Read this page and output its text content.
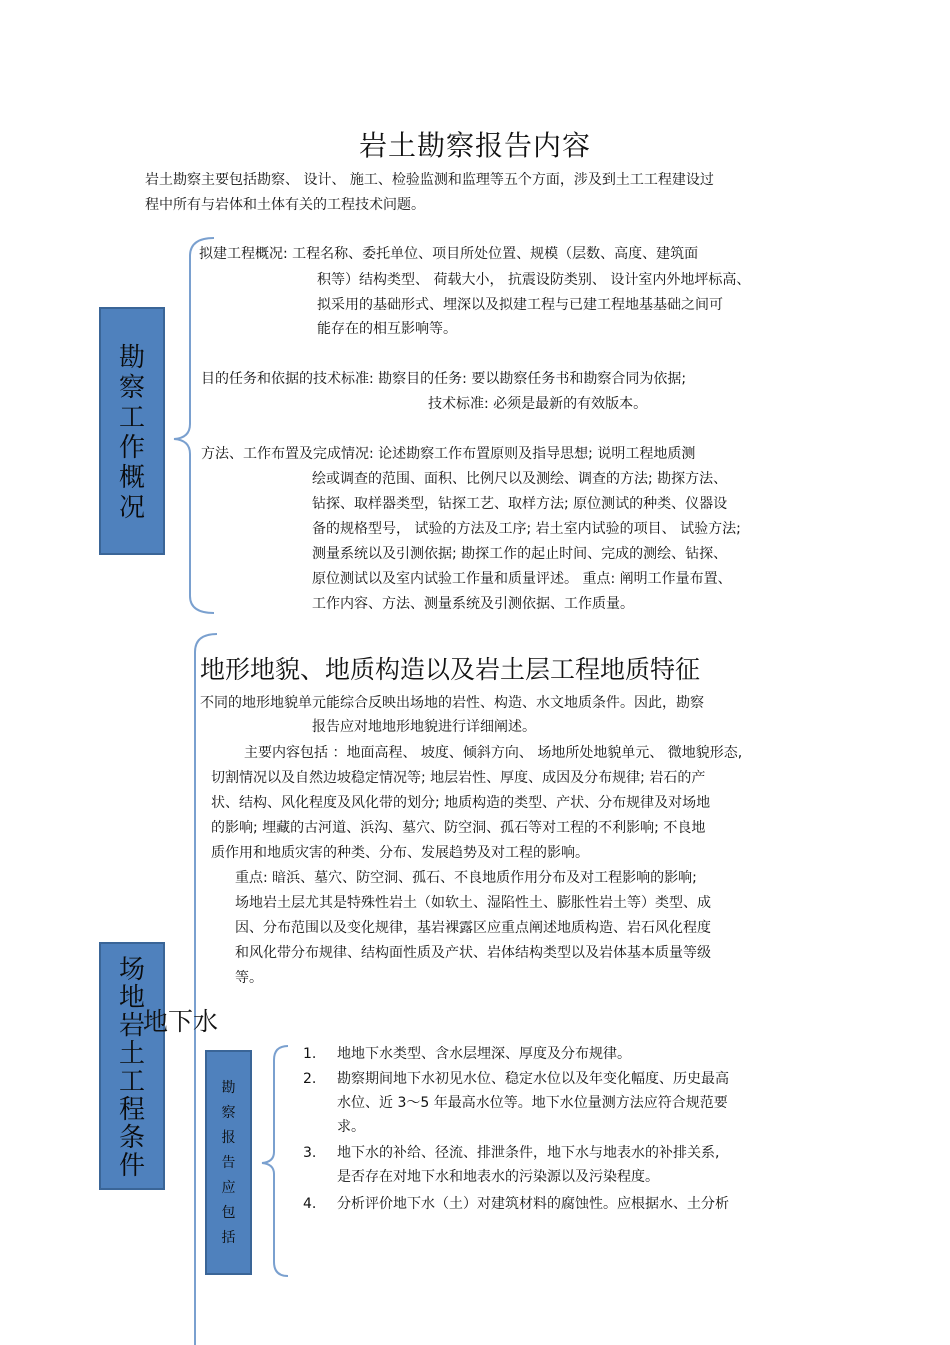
岩土勘察报告内容
岩土勘察主要包括勘察、 设计、 施工、检验监测和监理等五个方面，涉及到土工工程建设过
程中所有与岩体和土体有关的工程技术问题。
勘
察
工
作
概
况
拟建工程概况: 工程名称、委托单位、项目所处位置、规模（层数、高度、建筑面
积等）结构类型、 荷载大小， 抗震设防类别、 设计室内外地坪标高、
拟采用的基础形式、埋深以及拟建工程与已建工程地基基础之间可
能存在的相互影响等。
目的任务和依据的技术标准: 勘察目的任务: 要以勘察任务书和勘察合同为依据;
技术标准: 必须是最新的有效版本。
方法、工作布置及完成情况: 论述勘察工作布置原则及指导思想; 说明工程地质测
绘或调查的范围、面积、比例尺以及测绘、调查的方法; 勘探方法、
钻探、取样器类型，钻探工艺、取样方法; 原位测试的种类、仪器设
备的规格型号， 试验的方法及工序; 岩土室内试验的项目、 试验方法;
测量系统以及引测依据; 勘探工作的起止时间、完成的测绘、钻探、
原位测试以及室内试验工作量和质量评述。 重点: 阐明工作量布置、
工作内容、方法、测量系统及引测依据、工作质量。
地形地貌、地质构造以及岩土层工程地质特征
不同的地形地貌单元能综合反映出场地的岩性、构造、水文地质条件。因此，勘察
报告应对地地形地貌进行详细阐述。
主要内容包括 ：地面高程、 坡度、倾斜方向、 场地所处地貌单元、 微地貌形态,
切割情况以及自然边坡稳定情况等; 地层岩性、厚度、成因及分布规律; 岩石的产
状、结构、风化程度及风化带的划分; 地质构造的类型、产状、分布规律及对场地
的影响; 埋藏的古河道、浜沟、墓穴、防空洞、孤石等对工程的不利影响; 不良地
质作用和地质灾害的种类、分布、发展趋势及对工程的影响。
重点: 暗浜、墓穴、防空洞、孤石、不良地质作用分布及对工程影响的影响;
场地岩土层尤其是特殊性岩土（如软土、湿陷性土、膨胀性岩土等）类型、成
因、分布范围以及变化规律，基岩裸露区应重点阐述地质构造、岩石风化程度
和风化带分布规律、结构面性质及产状、岩体结构类型以及岩体基本质量等级
等。
场
地
岩
土
工
程
条
件
地下水
勘
察
报
告
应
包
括
1. 地地下水类型、含水层埋深、厚度及分布规律。
2. 勘察期间地下水初见水位、稳定水位以及年变化幅度、历史最高
水位、近 3～5 年最高水位等。地下水位量测方法应符合规范要
求。
3. 地下水的补给、径流、排泄条件，地下水与地表水的补排关系,
是否存在对地下水和地表水的污染源以及污染程度。
4. 分析评价地下水（土）对建筑材料的腐蚀性。应根据水、土分析
